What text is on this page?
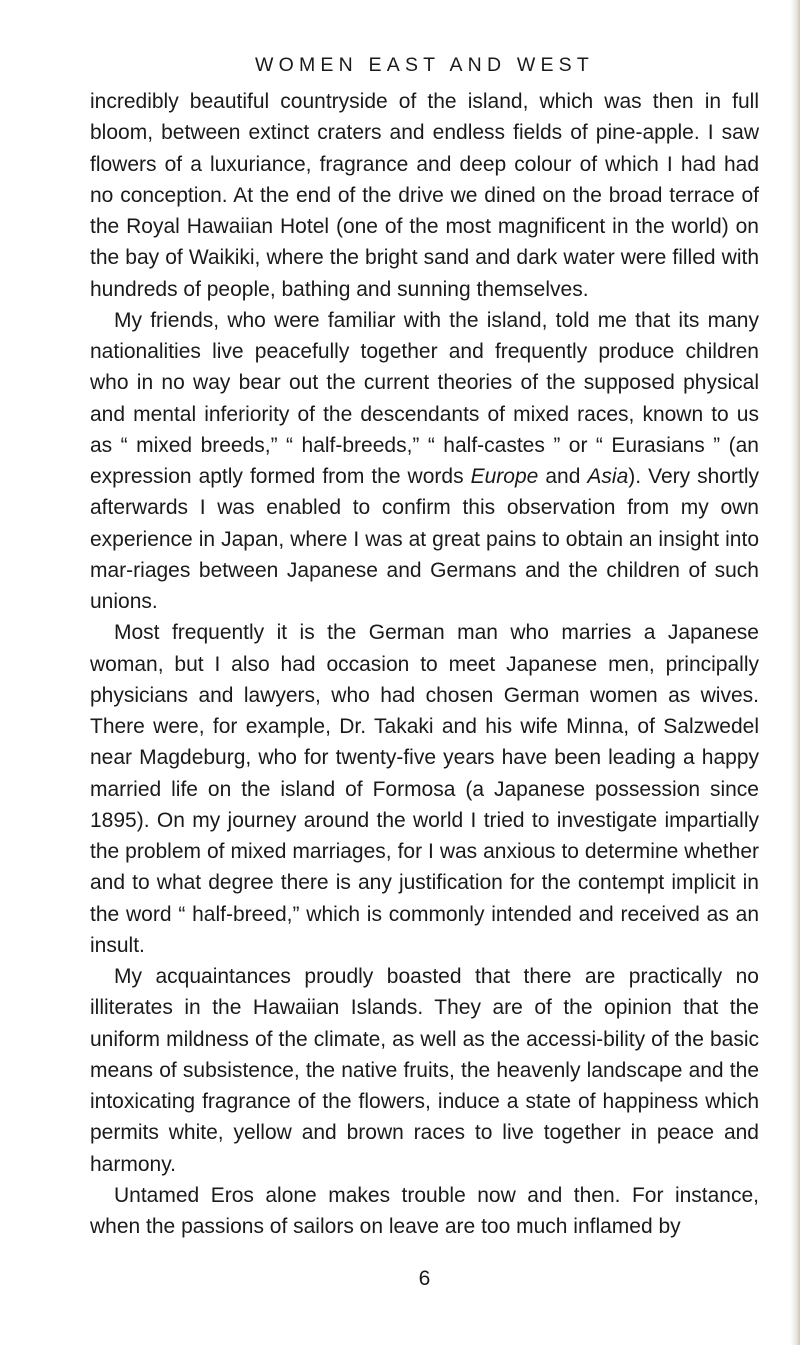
WOMEN EAST AND WEST

incredibly beautiful countryside of the island, which was then in full bloom, between extinct craters and endless fields of pine-apple. I saw flowers of a luxuriance, fragrance and deep colour of which I had had no conception. At the end of the drive we dined on the broad terrace of the Royal Hawaiian Hotel (one of the most magnificent in the world) on the bay of Waikiki, where the bright sand and dark water were filled with hundreds of people, bathing and sunning themselves.

My friends, who were familiar with the island, told me that its many nationalities live peacefully together and frequently produce children who in no way bear out the current theories of the supposed physical and mental inferiority of the descendants of mixed races, known to us as “ mixed breeds,” “ half-breeds,” “ half-castes ” or “ Eurasians ” (an expression aptly formed from the words Europe and Asia). Very shortly afterwards I was enabled to confirm this observation from my own experience in Japan, where I was at great pains to obtain an insight into mar-riages between Japanese and Germans and the children of such unions.

Most frequently it is the German man who marries a Japanese woman, but I also had occasion to meet Japanese men, principally physicians and lawyers, who had chosen German women as wives. There were, for example, Dr. Takaki and his wife Minna, of Salzwedel near Magdeburg, who for twenty-five years have been leading a happy married life on the island of Formosa (a Japanese possession since 1895). On my journey around the world I tried to investigate impartially the problem of mixed marriages, for I was anxious to determine whether and to what degree there is any justification for the contempt implicit in the word “ half-breed,” which is commonly intended and received as an insult.

My acquaintances proudly boasted that there are practically no illiterates in the Hawaiian Islands. They are of the opinion that the uniform mildness of the climate, as well as the accessi-bility of the basic means of subsistence, the native fruits, the heavenly landscape and the intoxicating fragrance of the flowers, induce a state of happiness which permits white, yellow and brown races to live together in peace and harmony.

Untamed Eros alone makes trouble now and then. For instance, when the passions of sailors on leave are too much inflamed by

6
